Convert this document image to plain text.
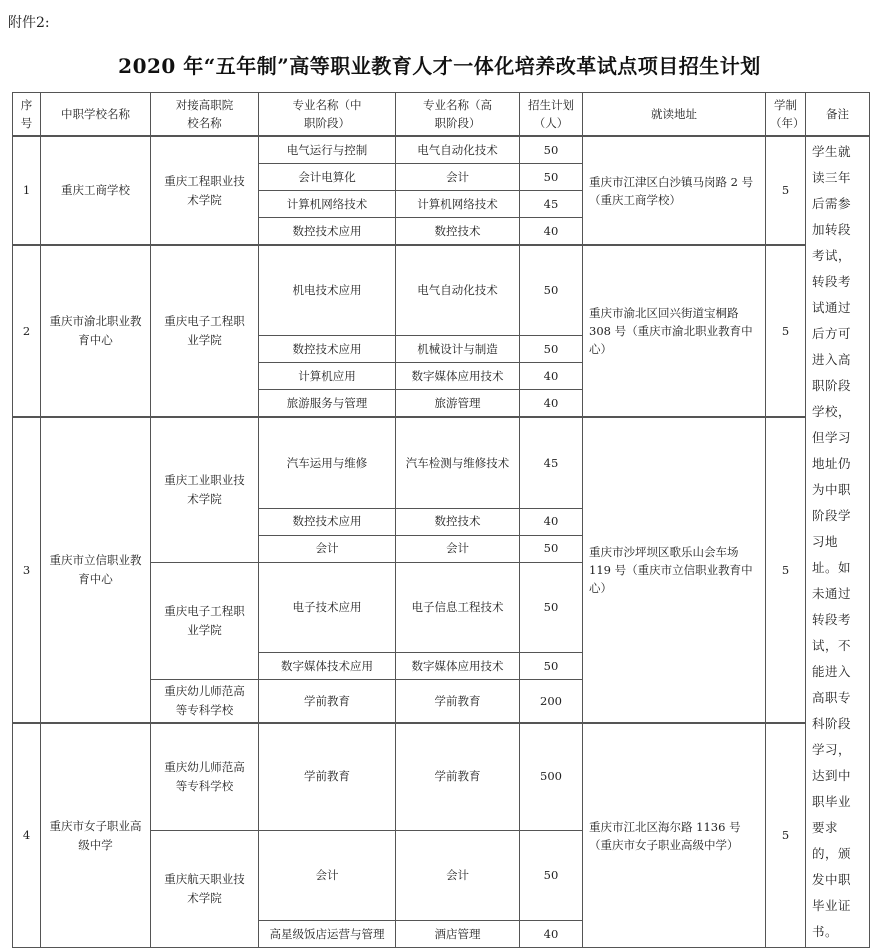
附件2:
2020 年“五年制”高等职业教育人才一体化培养改革试点项目招生计划
序号	中职学校名称	对接高职院校名称	专业名称（中职阶段）	专业名称（高职阶段）	招生计划（人）	就读地址	学制（年）	备注
1	重庆工商学校	重庆工程职业技术学院	电气运行与控制	电气自动化技术	50	重庆市江津区白沙镇马岗路 2 号（重庆工商学校）	5	学生就读三年后需参加转段考试，转段考试通过后方可进入高职阶段学校，但学习地址仍为中职阶段学习地址。如未通过转段考试，不能进入高职专科阶段学习，达到中职毕业要求的，颁发中职毕业证书。
			会计电算化	会计	50			
			计算机网络技术	计算机网络技术	45			
			数控技术应用	数控技术	40			
2	重庆市渝北职业教育中心	重庆电子工程职业学院	机电技术应用	电气自动化技术	50	重庆市渝北区回兴街道宝桐路 308 号（重庆市渝北职业教育中心）	5	
			数控技术应用	机械设计与制造	50			
			计算机应用	数字媒体应用技术	40			
			旅游服务与管理	旅游管理	40			
3	重庆市立信职业教育中心	重庆工业职业技术学院	汽车运用与维修	汽车检测与维修技术	45	重庆市沙坪坝区歌乐山会车场 119 号（重庆市立信职业教育中心）	5	
			数控技术应用	数控技术	40			
			会计	会计	50			
		重庆电子工程职业学院	电子技术应用	电子信息工程技术	50			
			数字媒体技术应用	数字媒体应用技术	50			
		重庆幼儿师范高等专科学校	学前教育	学前教育	200			
4	重庆市女子职业高级中学	重庆幼儿师范高等专科学校	学前教育	学前教育	500	重庆市江北区海尔路 1136 号（重庆市女子职业高级中学）	5	
		重庆航天职业技术学院	会计	会计	50			
			高星级饭店运营与管理	酒店管理	40			
